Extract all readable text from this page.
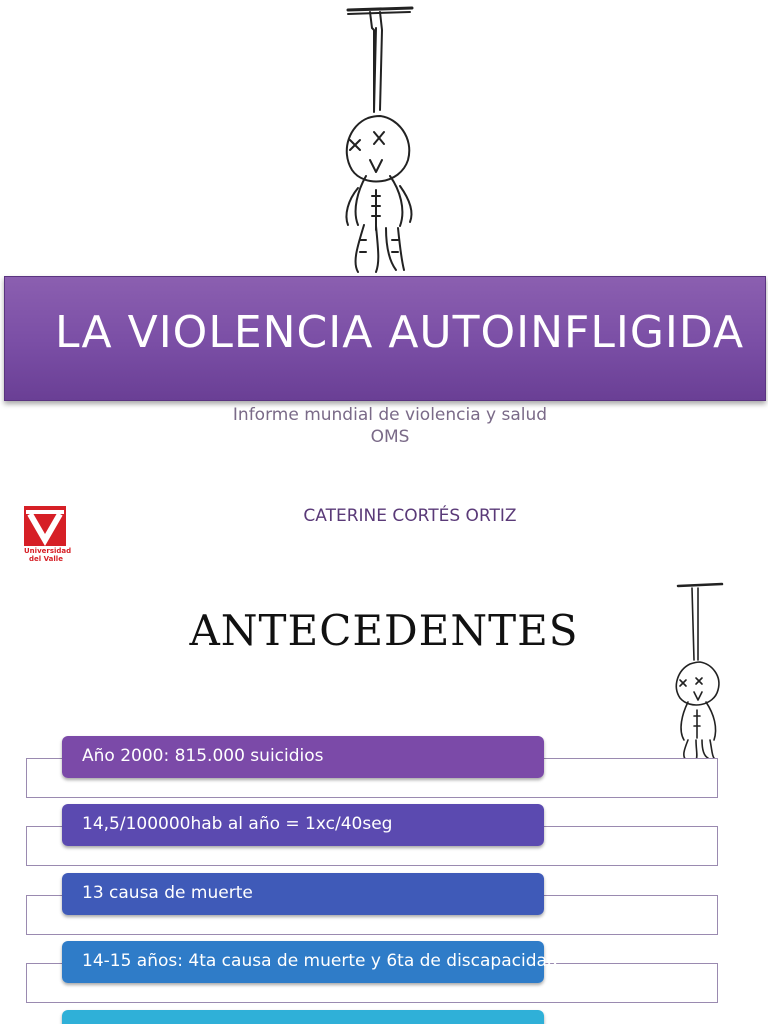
LA VIOLENCIA AUTOINFLIGIDA
Informe mundial de violencia y salud
OMS
Universidad
del Valle
CATERINE CORTÉS ORTIZ
ANTECEDENTES
Año 2000: 815.000 suicidios
14,5/100000hab al año = 1xc/40seg
13 causa de muerte
14-15 años: 4ta causa de muerte y 6ta de discapacidad
